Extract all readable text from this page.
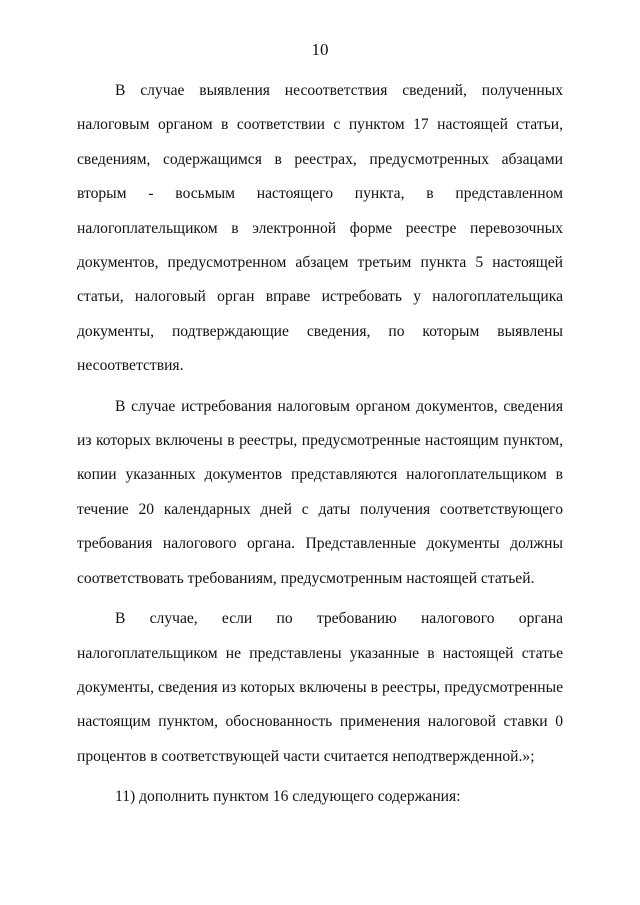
10

В случае выявления несоответствия сведений, полученных налоговым органом в соответствии с пунктом 17 настоящей статьи, сведениям, содержащимся в реестрах, предусмотренных абзацами вторым - восьмым настоящего пункта, в представленном налогоплательщиком в электронной форме реестре перевозочных документов, предусмотренном абзацем третьим пункта 5 настоящей статьи, налоговый орган вправе истребовать у налогоплательщика документы, подтверждающие сведения, по которым выявлены несоответствия.

В случае истребования налоговым органом документов, сведения из которых включены в реестры, предусмотренные настоящим пунктом, копии указанных документов представляются налогоплательщиком в течение 20 календарных дней с даты получения соответствующего требования налогового органа. Представленные документы должны соответствовать требованиям, предусмотренным настоящей статьей.

В случае, если по требованию налогового органа налогоплательщиком не представлены указанные в настоящей статье документы, сведения из которых включены в реестры, предусмотренные настоящим пунктом, обоснованность применения налоговой ставки 0 процентов в соответствующей части считается неподтвержденной.»;

11) дополнить пунктом 16 следующего содержания:
